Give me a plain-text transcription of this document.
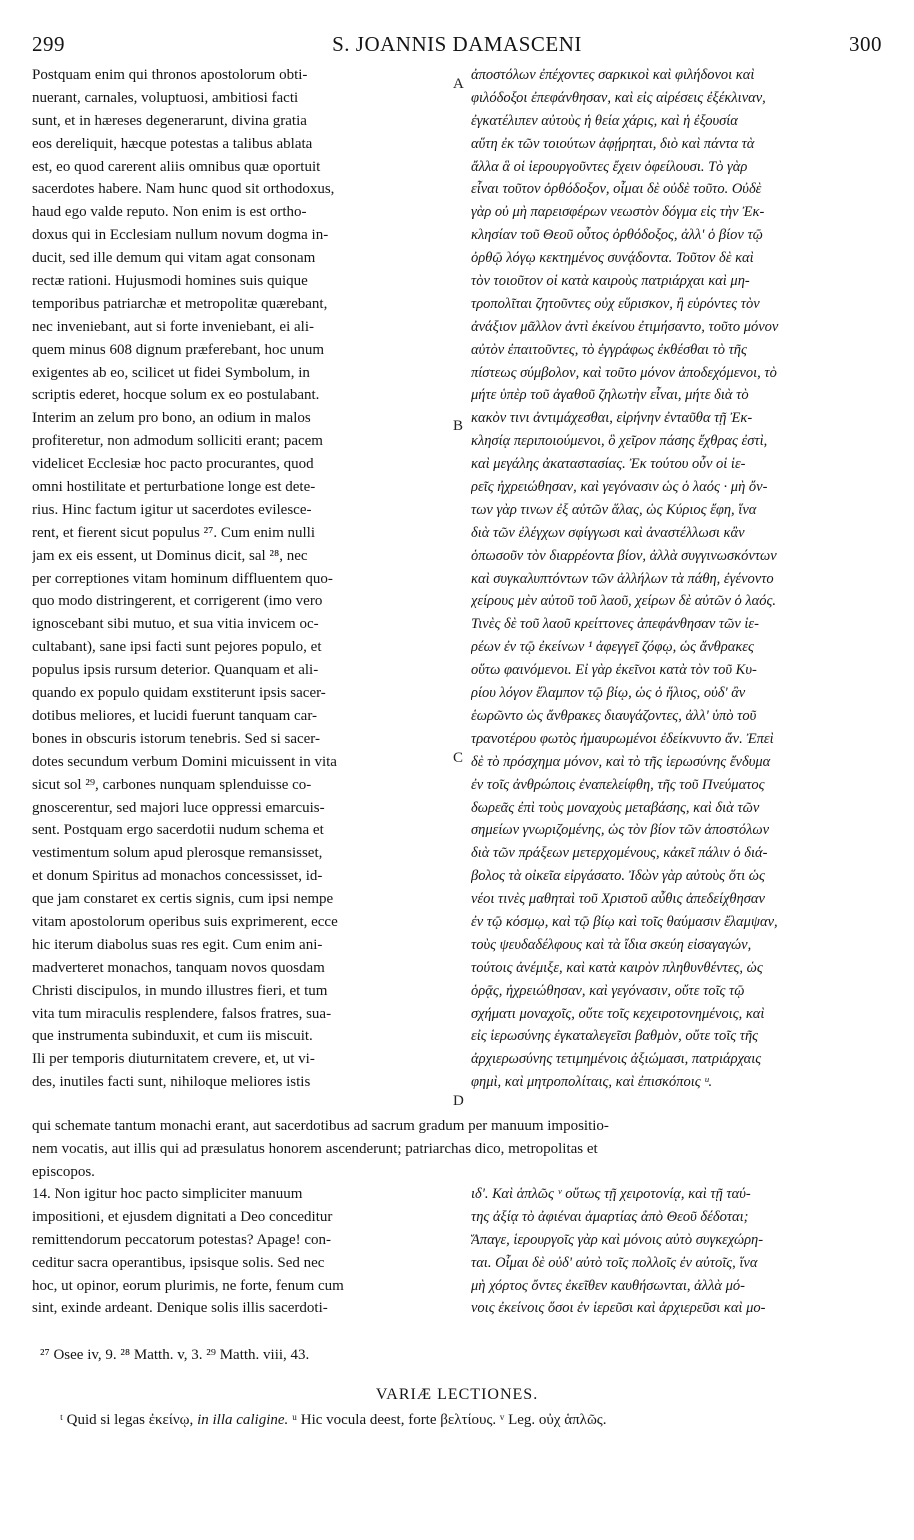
299	S. JOANNIS DAMASCENI	300
Postquam enim qui thronos apostolorum obti-
nuerant, carnales, voluptuosi, ambitiosi facti
sunt, et in hæreses degenerarunt, divina gratia
eos dereliquit, hæcque potestas a talibus ablata
est, eo quod carerent aliis omnibus quæ oportuit
sacerdotes habere. Nam hunc quod sit orthodoxus,
haud ego valde reputo. Non enim is est ortho-
doxus qui in Ecclesiam nullum novum dogma in-
ducit, sed ille demum qui vitam agat consonam
rectæ rationi. Hujusmodi homines suis quique
temporibus patriarchæ et metropolitæ quærebant,
nec inveniebant, aut si forte inveniebant, ei ali-
quem minus 608 dignum præferebant, hoc unum
exigentes ab eo, scilicet ut fidei Symbolum, in
scriptis ederet, hocque solum ex eo postulabant.
Interim an zelum pro bono, an odium in malos
profiteretur, non admodum solliciti erant; pacem
videlicet Ecclesiæ hoc pacto procurantes, quod
omni hostilitate et perturbatione longe est dete-
rius. Hinc factum igitur ut sacerdotes evilesce-
rent, et fierent sicut populus ²⁷. Cum enim nulli
jam ex eis essent, ut Dominus dicit, sal ²⁸, nec
per correptiones vitam hominum diffluentem quo-
quo modo distringerent, et corrigerent (imo vero
ignoscebant sibi mutuo, et sua vitia invicem oc-
cultabant), sane ipsi facti sunt pejores populo, et
populus ipsis rursum deterior. Quanquam et ali-
quando ex populo quidam exstiterunt ipsis sacer-
dotibus meliores, et lucidi fuerunt tanquam car-
bones in obscuris istorum tenebris. Sed si sacer-
dotes secundum verbum Domini micuissent in vita
sicut sol ²⁹, carbones nunquam splenduisse co-
gnoscerentur, sed majori luce oppressi emarcuis-
sent. Postquam ergo sacerdotii nudum schema et
vestimentum solum apud plerosque remansisset,
et donum Spiritus ad monachos concessisset, id-
que jam constaret ex certis signis, cum ipsi nempe
vitam apostolorum operibus suis exprimerent, ecce
hic iterum diabolus suas res egit. Cum enim ani-
madverteret monachos, tanquam novos quosdam
Christi discipulos, in mundo illustres fieri, et tum
vita tum miraculis resplendere, falsos fratres, sua-
que instrumenta subinduxit, et cum iis miscuit.
Ili per temporis diuturnitatem crevere, et, ut vi-
des, inutiles facti sunt, nihiloque meliores istis
ἀποστόλων ἐπέχοντες σαρκικοὶ καὶ φιλήδονοι καὶ
φιλόδοξοι ἐπεφάνθησαν, καὶ εἰς αἱρέσεις ἐξέκλιναν,
ἐγκατέλιπεν αὐτοὺς ἡ θεία χάρις, καὶ ἡ ἐξουσία
αὕτη ἐκ τῶν τοιούτων ἀφῄρηται, διὸ καὶ πάντα τὰ
ἄλλα ἃ οἱ ἱερουργοῦντες ἔχειν ὀφείλουσι. Τὸ γὰρ
εἶναι τοῦτον ὀρθόδοξον, οἶμαι δὲ οὐδὲ τοῦτο. Οὐδὲ
γὰρ οὐ μὴ παρεισφέρων νεωστὸν δόγμα εἰς τὴν Ἐκ-
κλησίαν τοῦ Θεοῦ οὗτος ὀρθόδοξος, ἀλλ' ὁ βίον τῷ
ὀρθῷ λόγῳ κεκτημένος συνᾴδοντα. Τοῦτον δὲ καὶ
τὸν τοιοῦτον οἱ κατὰ καιροὺς πατριάρχαι καὶ μη-
τροπολῖται ζητοῦντες οὐχ εὕρισκον, ἢ εὑρόντες τὸν
ἀνάξιον μᾶλλον ἀντὶ ἐκείνου ἐτιμήσαντο, τοῦτο μόνον
αὐτὸν ἐπαιτοῦντες, τὸ ἐγγράφως ἐκθέσθαι τὸ τῆς
πίστεως σύμβολον, καὶ τοῦτο μόνον ἀποδεχόμενοι, τὸ
μήτε ὑπὲρ τοῦ ἀγαθοῦ ζηλωτὴν εἶναι, μήτε διὰ τὸ
κακὸν τινι ἀντιμάχεσθαι, εἰρήνην ἐνταῦθα τῇ Ἐκ-
κλησίᾳ περιποιούμενοι, ὃ χεῖρον πάσης ἔχθρας ἐστὶ,
καὶ μεγάλης ἀκαταστασίας. Ἐκ τούτου οὖν οἱ ἱε-
ρεῖς ἠχρειώθησαν, καὶ γεγόνασιν ὡς ὁ λαός · μὴ ὄν-
των γὰρ τινων ἐξ αὐτῶν ἅλας, ὡς Κύριος ἔφη, ἵνα
διὰ τῶν ἐλέγχων σφίγγωσι καὶ ἀναστέλλωσι κἂν
ὁπωσοῦν τὸν διαρρέοντα βίον, ἀλλὰ συγγινωσκόντων
καὶ συγκαλυπτόντων τῶν ἀλλήλων τὰ πάθη, ἐγένοντο
χείρους μὲν αὐτοῦ τοῦ λαοῦ, χείρων δὲ αὐτῶν ὁ λαός.
Τινὲς δὲ τοῦ λαοῦ κρείττονες ἀπεφάνθησαν τῶν ἱε-
ρέων ἐν τῷ ἐκείνων ¹ ἀφεγγεῖ ζόφῳ, ὡς ἄνθρακες
οὕτω φαινόμενοι. Εἰ γὰρ ἐκεῖνοι κατὰ τὸν τοῦ Κυ-
ρίου λόγον ἔλαμπον τῷ βίῳ, ὡς ὁ ἥλιος, οὐδ' ἂν
ἑωρῶντο ὡς ἄνθρακες διαυγάζοντες, ἀλλ' ὑπὸ τοῦ
τρανοτέρου φωτὸς ἠμαυρωμένοι ἐδείκνυντο ἄν. Ἐπεὶ
δὲ τὸ πρόσχημα μόνον, καὶ τὸ τῆς ἱερωσύνης ἔνδυμα
ἐν τοῖς ἀνθρώποις ἐναπελείφθη, τῆς τοῦ Πνεύματος
δωρεᾶς ἐπὶ τοὺς μοναχοὺς μεταβάσης, καὶ διὰ τῶν
σημείων γνωριζομένης, ὡς τὸν βίον τῶν ἀποστόλων
διὰ τῶν πράξεων μετερχομένους, κἀκεῖ πάλιν ὁ διά-
βολος τὰ οἰκεῖα εἰργάσατο. Ἰδὼν γὰρ αὐτοὺς ὅτι ὡς
νέοι τινὲς μαθηταὶ τοῦ Χριστοῦ αὖθις ἀπεδείχθησαν
ἐν τῷ κόσμῳ, καὶ τῷ βίῳ καὶ τοῖς θαύμασιν ἔλαμψαν,
τοὺς ψευδαδέλφους καὶ τὰ ἴδια σκεύη εἰσαγαγών,
τούτοις ἀνέμιξε, καὶ κατὰ καιρὸν πληθυνθέντες, ὡς
ὁρᾷς, ἠχρειώθησαν, καὶ γεγόνασιν, οὔτε τοῖς τῷ
σχήματι μοναχοῖς, οὔτε τοῖς κεχειροτονημένοις, καὶ
εἰς ἱερωσύνης ἐγκαταλεγεῖσι βαθμὸν, οὔτε τοῖς τῆς
ἀρχιερωσύνης τετιμημένοις ἀξιώμασι, πατριάρχαις
φημὶ, καὶ μητροπολίταις, καὶ ἐπισκόποις ᵘ.
A
B
C
D
qui schemate tantum monachi erant, aut sacerdotibus ad sacrum gradum per manuum impositio-
nem vocatis, aut illis qui ad præsulatus honorem ascenderunt; patriarchas dico, metropolitas et
episcopos.
14. Non igitur hoc pacto simpliciter manuum
impositioni, et ejusdem dignitati a Deo conceditur
remittendorum peccatorum potestas? Apage! con-
ceditur sacra operantibus, ipsisque solis. Sed nec
hoc, ut opinor, eorum plurimis, ne forte, fenum cum
sint, exinde ardeant. Denique solis illis sacerdoti-
ιδ'. Καὶ ἁπλῶς ᵛ οὕτως τῇ χειροτονίᾳ, καὶ τῇ ταύ-
της ἀξίᾳ τὸ ἀφιέναι ἁμαρτίας ἀπὸ Θεοῦ δέδοται;
Ἄπαγε, ἱερουργοῖς γὰρ καὶ μόνοις αὐτὸ συγκεχώρη-
ται. Οἶμαι δὲ οὐδ' αὐτὸ τοῖς πολλοῖς ἐν αὐτοῖς, ἵνα
μὴ χόρτος ὄντες ἐκεῖθεν καυθήσωνται, ἀλλὰ μό-
νοις ἐκείνοις ὅσοι ἐν ἱερεῦσι καὶ ἀρχιερεῦσι καὶ μο-
²⁷ Osee iv, 9. ²⁸ Matth. v, 3. ²⁹ Matth. viii, 43.
VARIÆ LECTIONES.
ᵗ Quid si legas ἐκείνῳ, in illa caligine. ᵘ Hic vocula deest, forte βελτίους. ᵛ Leg. οὐχ ἁπλῶς.
